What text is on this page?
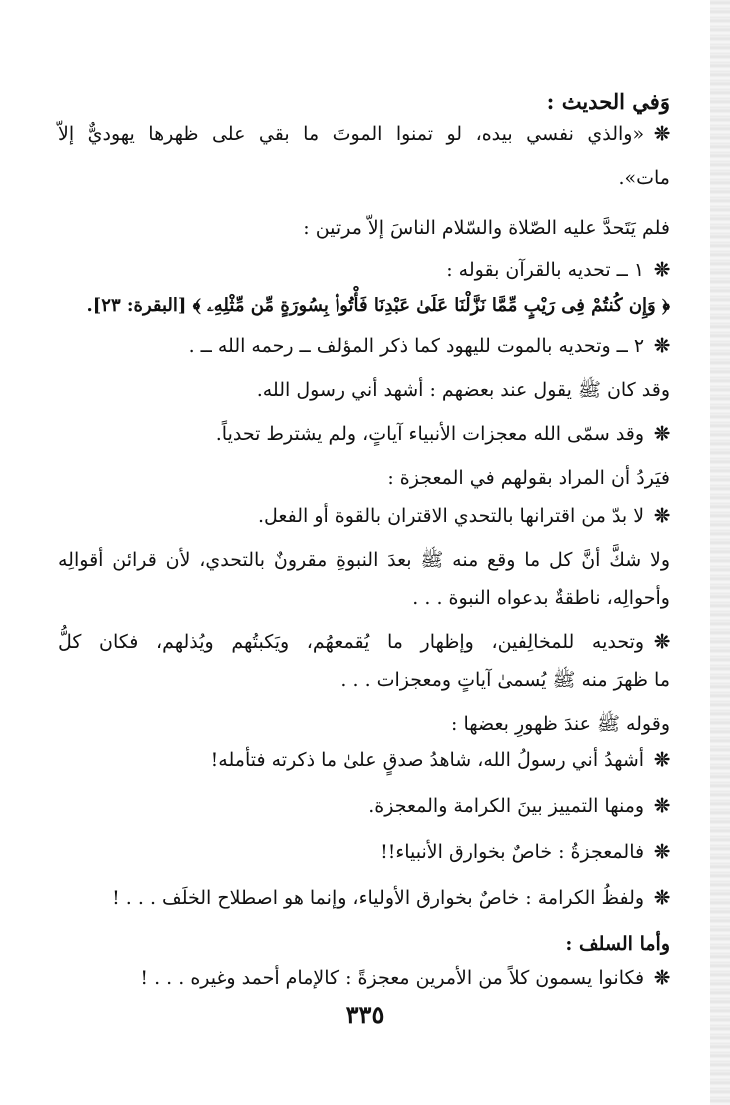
وَفي الحديث :
❊«والذي نفسي بيده، لو تمنوا الموتَ ما بقي على ظهرها يهوديٌّ إلاّ
مات».
فلم يَتَحدَّ عليه الصّلاة والسّلام الناسَ إلاّ مرتين :
❊١ ــ تحديه بالقرآن بقوله :
﴿ وَإِن كُنتُمْ فِى رَيْبٍ مِّمَّا نَزَّلْنَا عَلَىٰ عَبْدِنَا فَأْتُوا۟ بِسُورَةٍ مِّن مِّثْلِهِۦ ﴾ [البقرة: ٢٣].
❊٢ ــ وتحديه بالموت لليهود كما ذكر المؤلف ــ رحمه الله ــ .
وقد كان ﷺ يقول عند بعضهم : أشهد أني رسول الله.
❊وقد سمّى الله معجزات الأنبياء آياتٍ، ولم يشترط تحدياً.
فيَردُ أن المراد بقولهم في المعجزة :
❊لا بدّ من اقترانها بالتحدي الاقتران بالقوة أو الفعل.
ولا شكَّ أنَّ كل ما وقع منه ﷺ بعدَ النبوةِ مقرونٌ بالتحدي، لأن قرائن أقوالِه
وأحوالِه، ناطقةٌ بدعواه النبوة . . .
❊وتحديه للمخالِفين، وإظهار ما يُقمعهُم، ويَكبتُهم ويُذلهم، فكان كلُّ
ما ظهرَ منه ﷺ يُسمىٰ آياتٍ ومعجزات . . .
وقوله ﷺ عندَ ظهورِ بعضها :
❊أشهدُ أني رسولُ الله، شاهدُ صدقٍ علىٰ ما ذكرته فتأمله!
❊ومنها التمييز بينَ الكرامة والمعجزة.
❊فالمعجزةُ : خاصٌ بخوارق الأنبياء!!
❊ولفظُ الكرامة : خاصٌ بخوارق الأولياء، وإنما هو اصطلاح الخلَف . . . !
وأما السلف :
❊فكانوا يسمون كلاً من الأمرين معجزةً : كالإمام أحمد وغيره . . . !
٣٣٥
